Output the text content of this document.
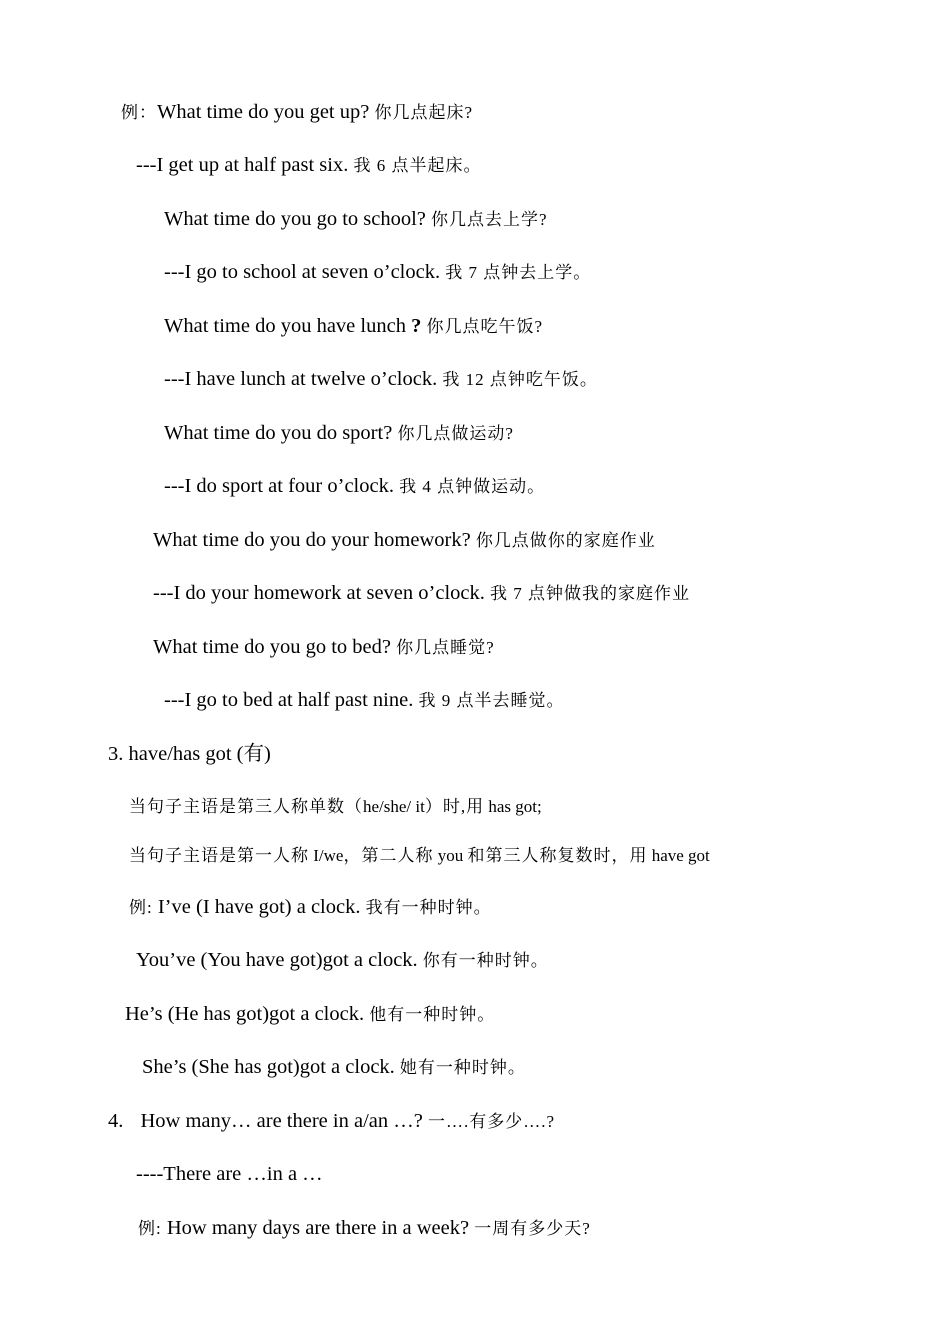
例：What time do you get up? 你几点起床?
---I get up at half past six. 我 6 点半起床。
What time do you go to school? 你几点去上学?
---I go to school at seven o’clock. 我 7 点钟去上学。
What time do you have lunch ? 你几点吃午饭?
---I have lunch at twelve o’clock. 我 12 点钟吃午饭。
What time do you do sport? 你几点做运动?
---I do sport at four o’clock. 我 4 点钟做运动。
What time do you do your homework? 你几点做你的家庭作业
---I do your homework at seven o’clock. 我 7 点钟做我的家庭作业
What time do you go to bed? 你几点睡觉?
---I go to bed at half past nine. 我 9 点半去睡觉。
3. have/has got (有)
当句子主语是第三人称单数（he/she/ it）时,用 has got;
当句子主语是第一人称 I/we，第二人称 you 和第三人称复数时，用 have got
例: I’ve (I have got) a clock. 我有一种时钟。
You’ve (You have got)got a clock. 你有一种时钟。
He’s (He has got)got a clock. 他有一种时钟。
She’s (She has got)got a clock. 她有一种时钟。
4. How many… are there in a/an …? 一….有多少….?
----There are …in a …
例: How many days are there in a week? 一周有多少天?
